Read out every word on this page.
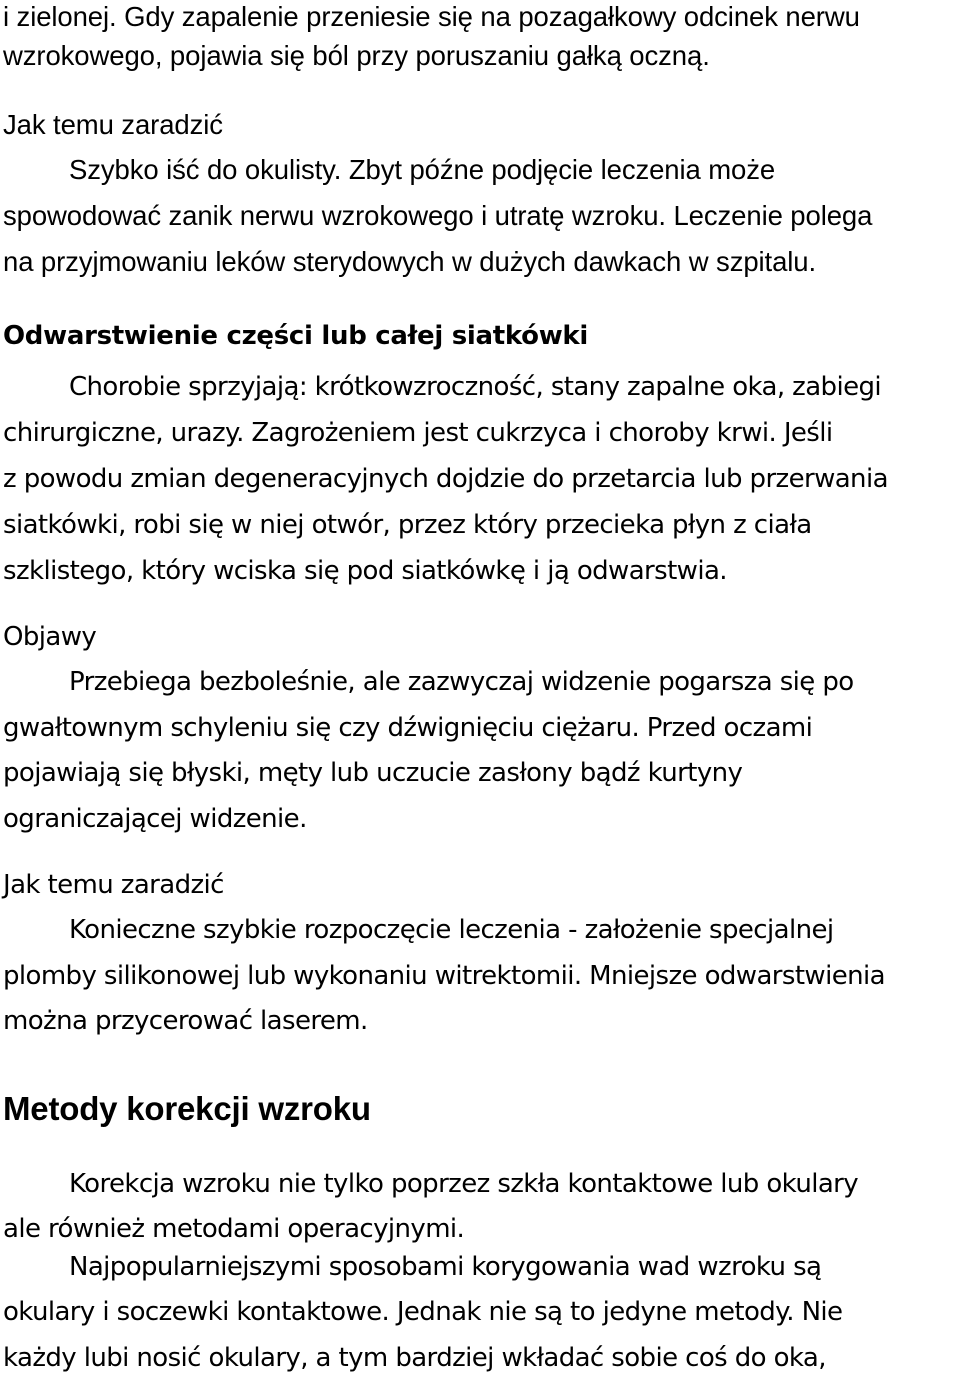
i zielonej. Gdy zapalenie przeniesie się na pozagałkowy odcinek nerwu
wzrokowego, pojawia się ból przy poruszaniu gałką oczną.
Jak temu zaradzić
Szybko iść do okulisty. Zbyt późne podjęcie leczenia może
spowodować zanik nerwu wzrokowego i utratę wzroku. Leczenie polega
na przyjmowaniu leków sterydowych w dużych dawkach w szpitalu.
Odwarstwienie części lub całej siatkówki
Chorobie sprzyjają: krótkowzroczność, stany zapalne oka, zabiegi
chirurgiczne, urazy. Zagrożeniem jest cukrzyca i choroby krwi. Jeśli
z powodu zmian degeneracyjnych dojdzie do przetarcia lub przerwania
siatkówki, robi się w niej otwór, przez który przecieka płyn z ciała
szklistego, który wciska się pod siatkówkę i ją odwarstwia.
Objawy
Przebiega bezboleśnie, ale zazwyczaj widzenie pogarsza się po
gwałtownym schyleniu się czy dźwignięciu ciężaru. Przed oczami
pojawiają się błyski, męty lub uczucie zasłony bądź kurtyny
ograniczającej widzenie.
Jak temu zaradzić
Konieczne szybkie rozpoczęcie leczenia - założenie specjalnej
plomby silikonowej lub wykonaniu witrektomii. Mniejsze odwarstwienia
można przycerować laserem.
Metody korekcji wzroku
Korekcja wzroku nie tylko poprzez szkła kontaktowe lub okulary
ale również metodami operacyjnymi.
Najpopularniejszymi sposobami korygowania wad wzroku są
okulary i soczewki kontaktowe. Jednak nie są to jedyne metody. Nie
każdy lubi nosić okulary, a tym bardziej wkładać sobie coś do oka,
